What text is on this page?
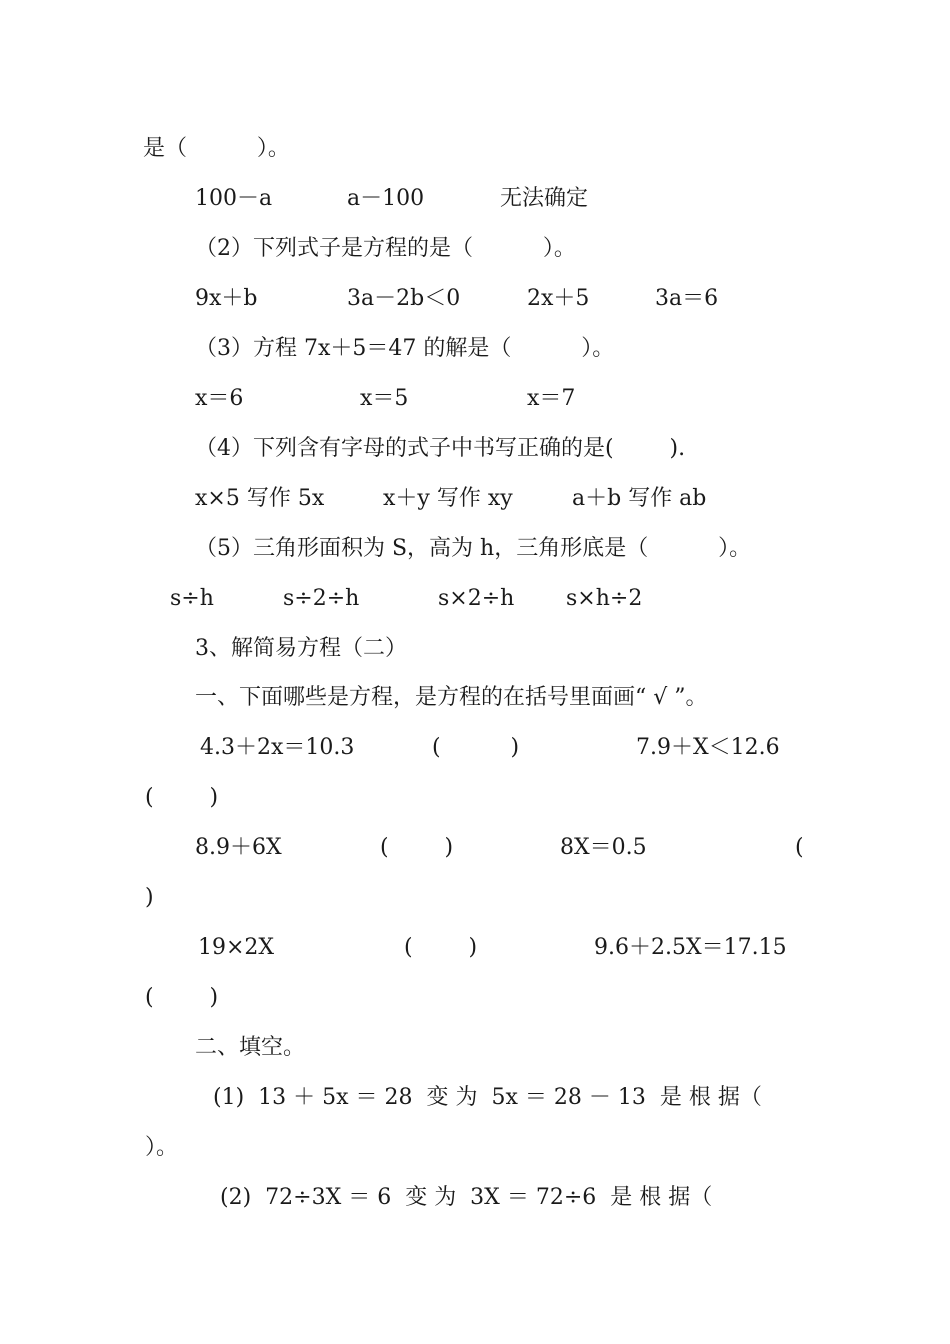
是（          ）。
100－a	a－100	无法确定
（2）下列式子是方程的是（          ）。
9x＋b	3a－2b＜0	2x＋5	3a＝6
（3）方程 7x＋5＝47 的解是（          ）。
x＝6	x＝5	x＝7
（4）下列含有字母的式子中书写正确的是(        ).
x×5 写作 5x	x＋y 写作 xy	a＋b 写作 ab
（5）三角形面积为 S，高为 h，三角形底是（          ）。
s÷h	s÷2÷h	s×2÷h s×h÷2
3、解简易方程（二）
一、下面哪些是方程，是方程的在括号里面画“ √ ”。
4.3＋2x＝10.3	(          )	7.9＋X＜12.6
(        )
8.9＋6X	(        )	8X＝0.5	(
)
19×2X	(        )	9.6＋2.5X＝17.15
(        )
二、填空。
(1)  13 ＋ 5x ＝ 28  变 为  5x ＝ 28 － 13  是 根 据（
）。
(2)  72÷3X ＝ 6  变 为  3X ＝ 72÷6  是 根 据（
